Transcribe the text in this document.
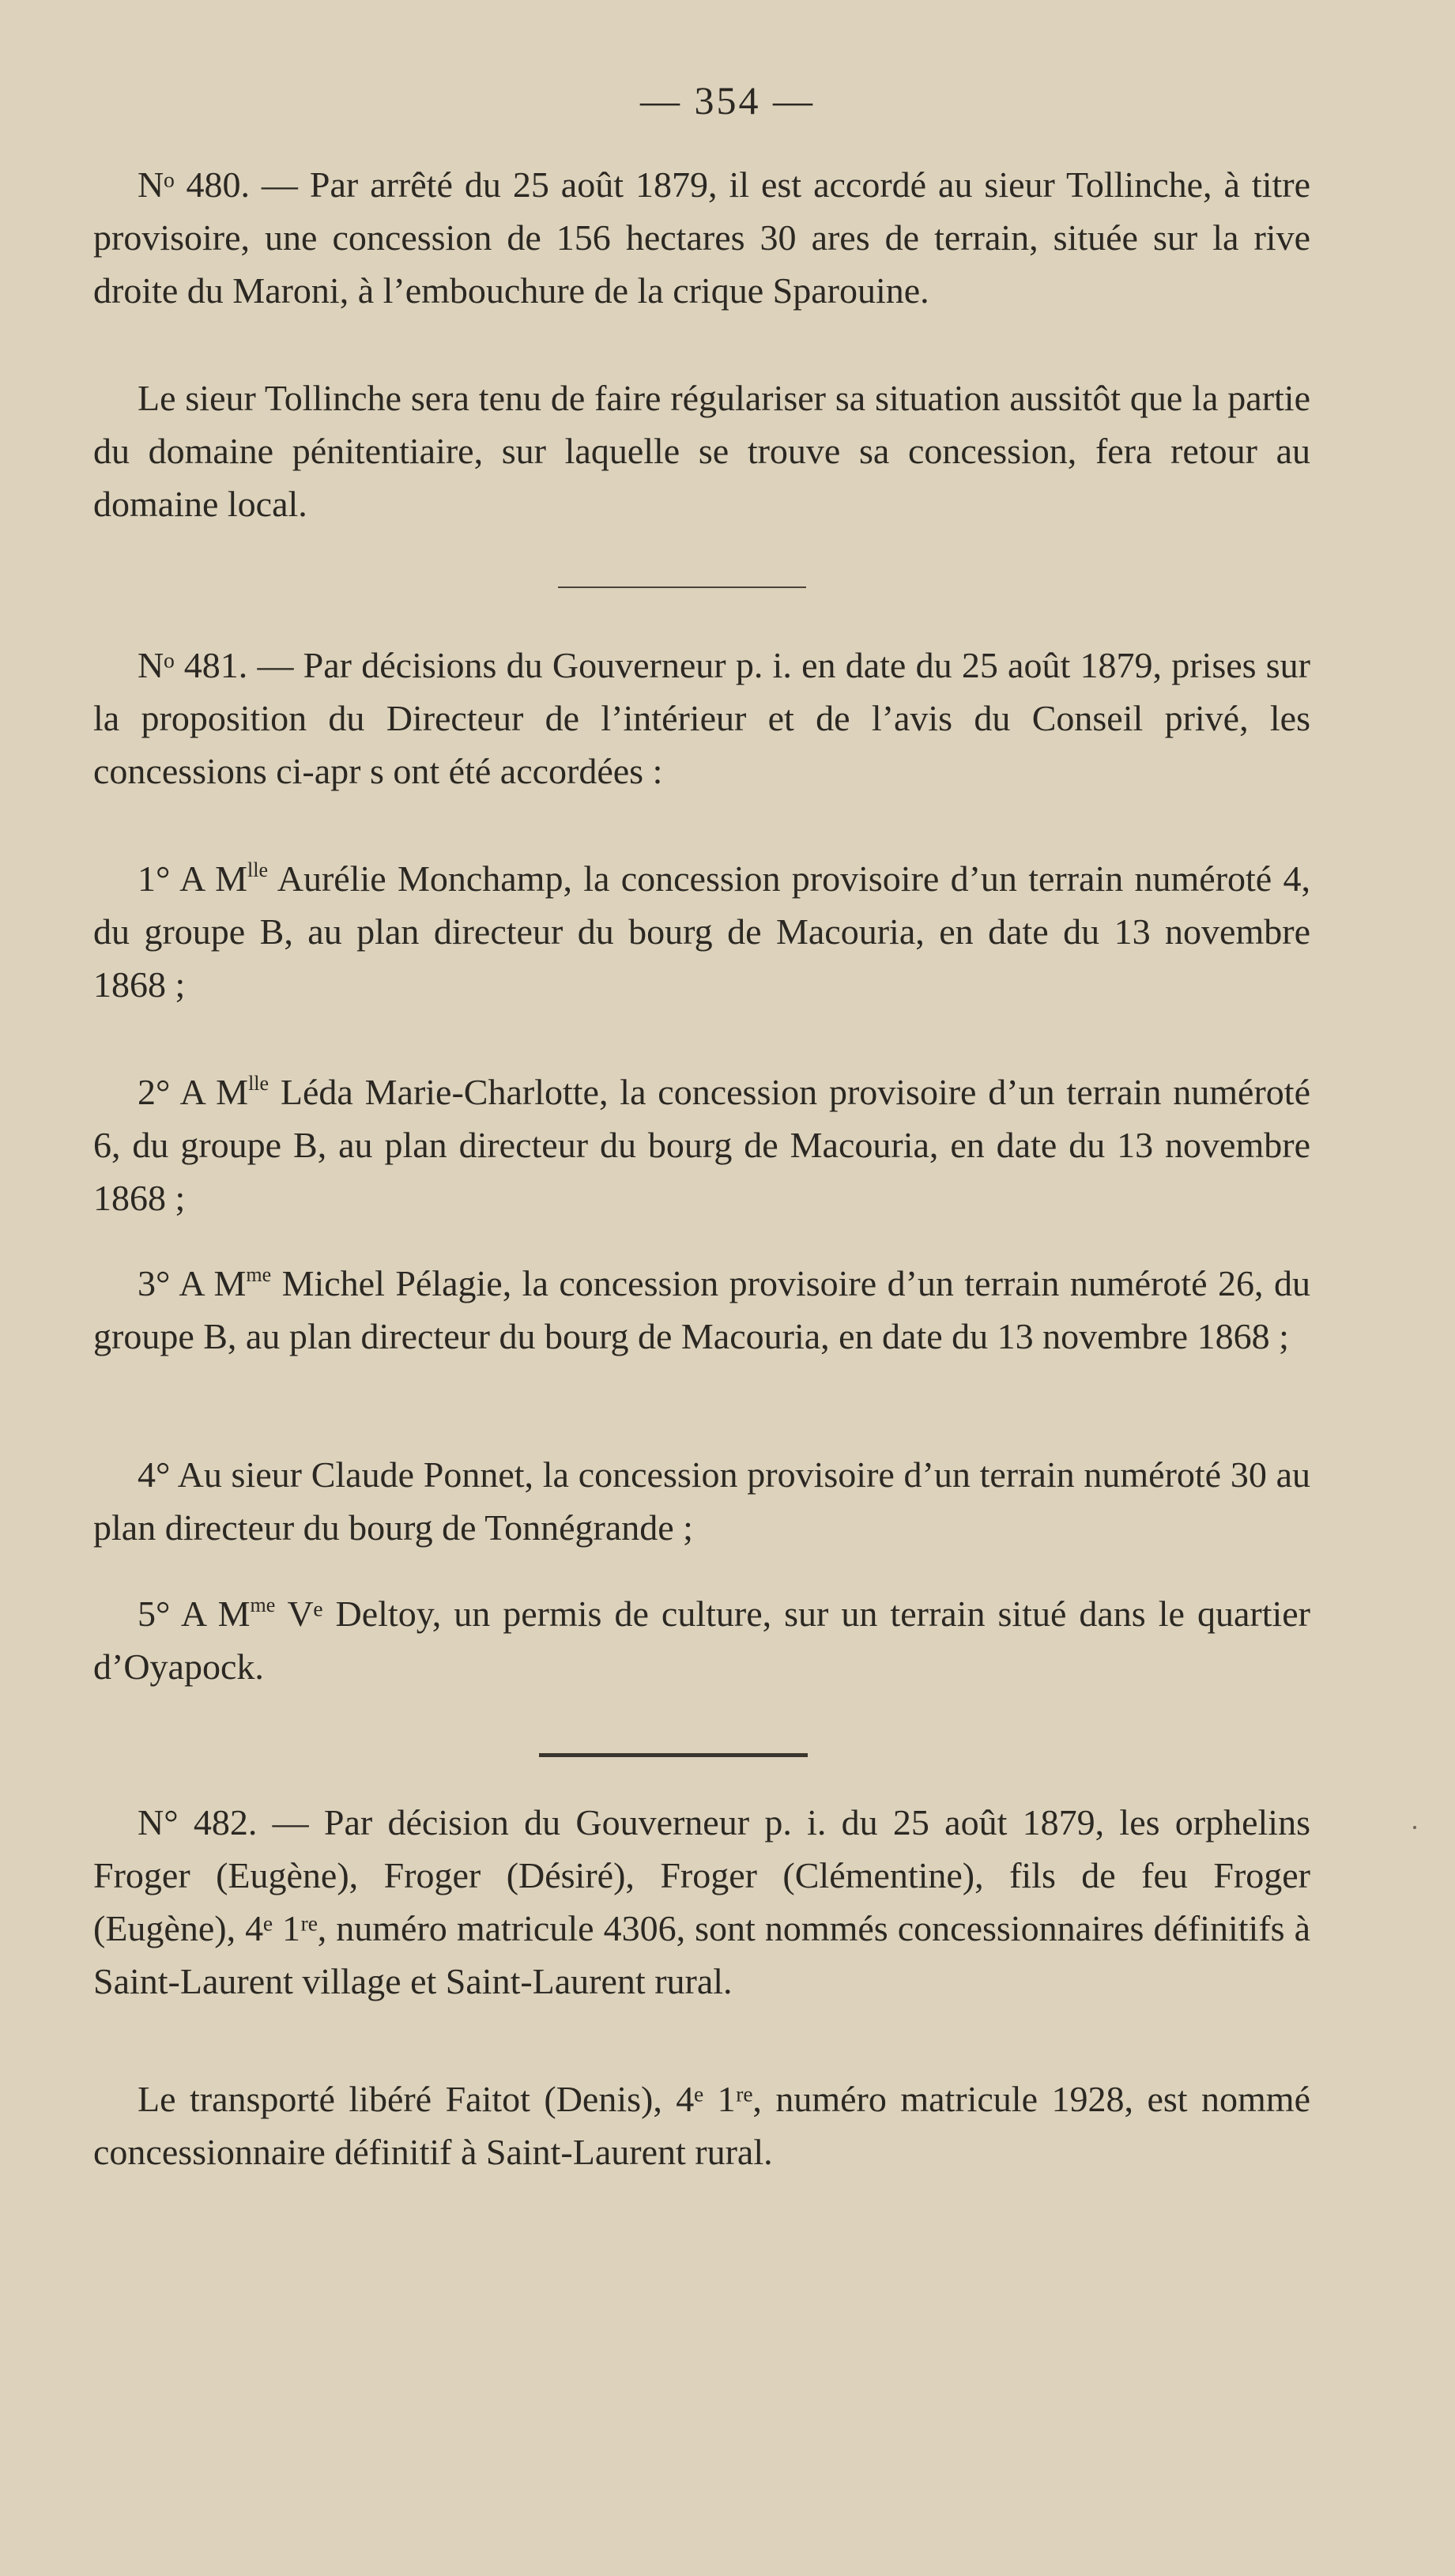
— 354 —

Nᵒ 480. — Par arrêté du 25 août 1879, il est accordé au sieur Tollinche, à titre provisoire, une concession de 156 hectares 30 ares de terrain, située sur la rive droite du Maroni, à l’embouchure de la crique Sparouine.

Le sieur Tollinche sera tenu de faire régulariser sa situation aussitôt que la partie du domaine pénitentiaire, sur laquelle se trouve sa concession, fera retour au domaine local.

Nᵒ 481. — Par décisions du Gouverneur p. i. en date du 25 août 1879, prises sur la proposition du Directeur de l’intérieur et de l’avis du Conseil privé, les concessions ci-apr s ont été accordées :

1° A $M^{lle}$ Aurélie Monchamp, la concession provisoire d’un terrain numéroté 4, du groupe B, au plan directeur du bourg de Macouria, en date du 13 novembre 1868 ;

2° A $M^{lle}$ Léda Marie-Charlotte, la concession provisoire d’un terrain numéroté 6, du groupe B, au plan directeur du bourg de Macouria, en date du 13 novembre 1868 ;

3° A $M^{me}$ Michel Pélagie, la concession provisoire d’un terrain numéroté 26, du groupe B, au plan directeur du bourg de Macouria, en date du 13 novembre 1868 ;

4° Au sieur Claude Ponnet, la concession provisoire d’un terrain numéroté 30 au plan directeur du bourg de Tonnégrande ;

5° A $M^{me}$ Vᵉ Deltoy, un permis de culture, sur un terrain situé dans le quartier d’Oyapock.

N° 482. — Par décision du Gouverneur p. i. du 25 août 1879, les orphelins Froger (Eugène), Froger (Désiré), Froger (Clémentine), fils de feu Froger (Eugène), 4ᵉ 1ʳᵉ, numéro matricule 4306, sont nommés concessionnaires définitifs à Saint-Laurent village et Saint-Laurent rural.

Le transporté libéré Faitot (Denis), 4ᵉ 1ʳᵉ, numéro matricule 1928, est nommé concessionnaire définitif à Saint-Laurent rural.
